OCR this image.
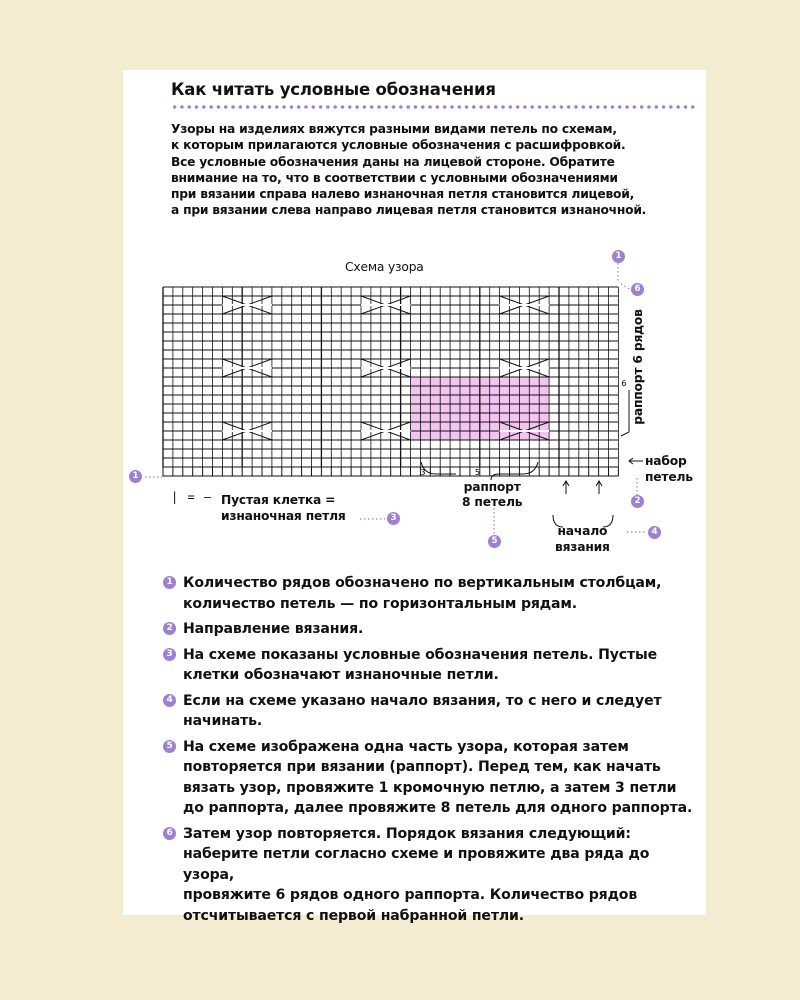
Как читать условные обозначения
Узоры на изделиях вяжутся разными видами петель по схемам,
к которым прилагаются условные обозначения с расшифровкой.
Все условные обозначения даны на лицевой стороне. Обратите
внимание на то, что в соответствии с условными обозначениями
при вязании справа налево изнаночная петля становится лицевой,
а при вязании слева направо лицевая петля становится изнаночной.
Схема узора
3	5
6 раппорт 6 рядов
набор
петель
раппорт
8 петель
начало
вязания
| = – Пустая клетка =
изнаночная петля
1
1
2
3
4
5
6
1 Количество рядов обозначено по вертикальным столбцам,
количество петель — по горизонтальным рядам.
2 Направление вязания.
3 На схеме показаны условные обозначения петель. Пустые
клетки обозначают изнаночные петли.
4 Если на схеме указано начало вязания, то с него и следует
начинать.
5 На схеме изображена одна часть узора, которая затем
повторяется при вязании (раппорт). Перед тем, как начать
вязать узор, провяжите 1 кромочную петлю, а затем 3 петли
до раппорта, далее провяжите 8 петель для одного раппорта.
6 Затем узор повторяется. Порядок вязания следующий:
наберите петли согласно схеме и провяжите два ряда до узора,
провяжите 6 рядов одного раппорта. Количество рядов
отсчитывается с первой набранной петли.
